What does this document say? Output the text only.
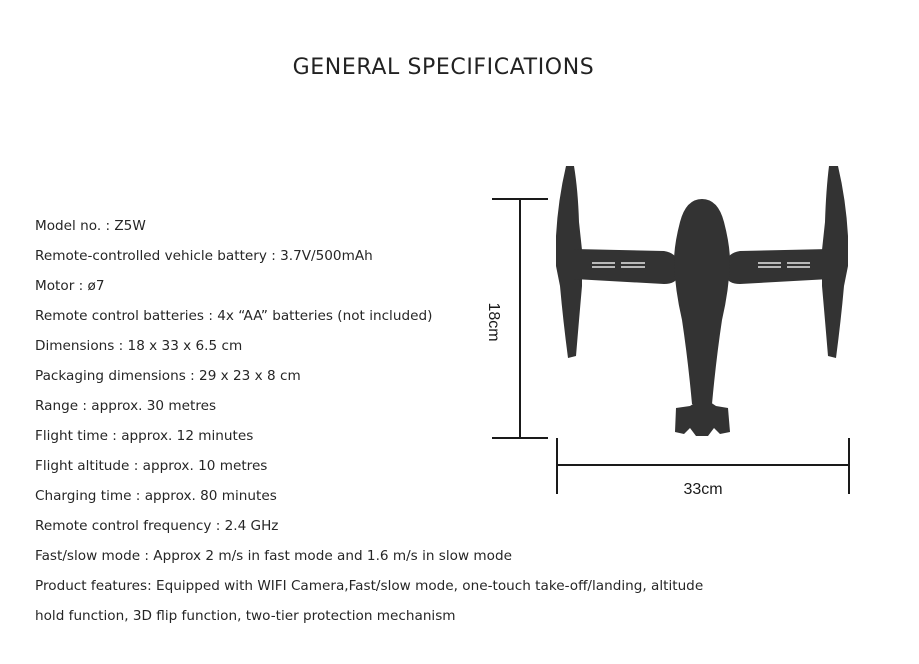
GENERAL SPECIFICATIONS
Model no. : Z5W
Remote-controlled vehicle battery : 3.7V/500mAh
Motor : ø7
Remote control batteries : 4x “AA” batteries (not included)
Dimensions : 18 x 33 x 6.5 cm
Packaging dimensions : 29 x 23 x 8 cm
Range : approx. 30 metres
Flight time : approx. 12 minutes
Flight altitude : approx. 10 metres
Charging time : approx. 80 minutes
Remote control frequency : 2.4 GHz
Fast/slow mode : Approx 2 m/s in fast mode and 1.6 m/s in slow mode
Product features: Equipped with WIFI Camera,Fast/slow mode, one-touch take-off/landing, altitude
hold function, 3D flip function, two-tier protection mechanism
18cm
33cm
